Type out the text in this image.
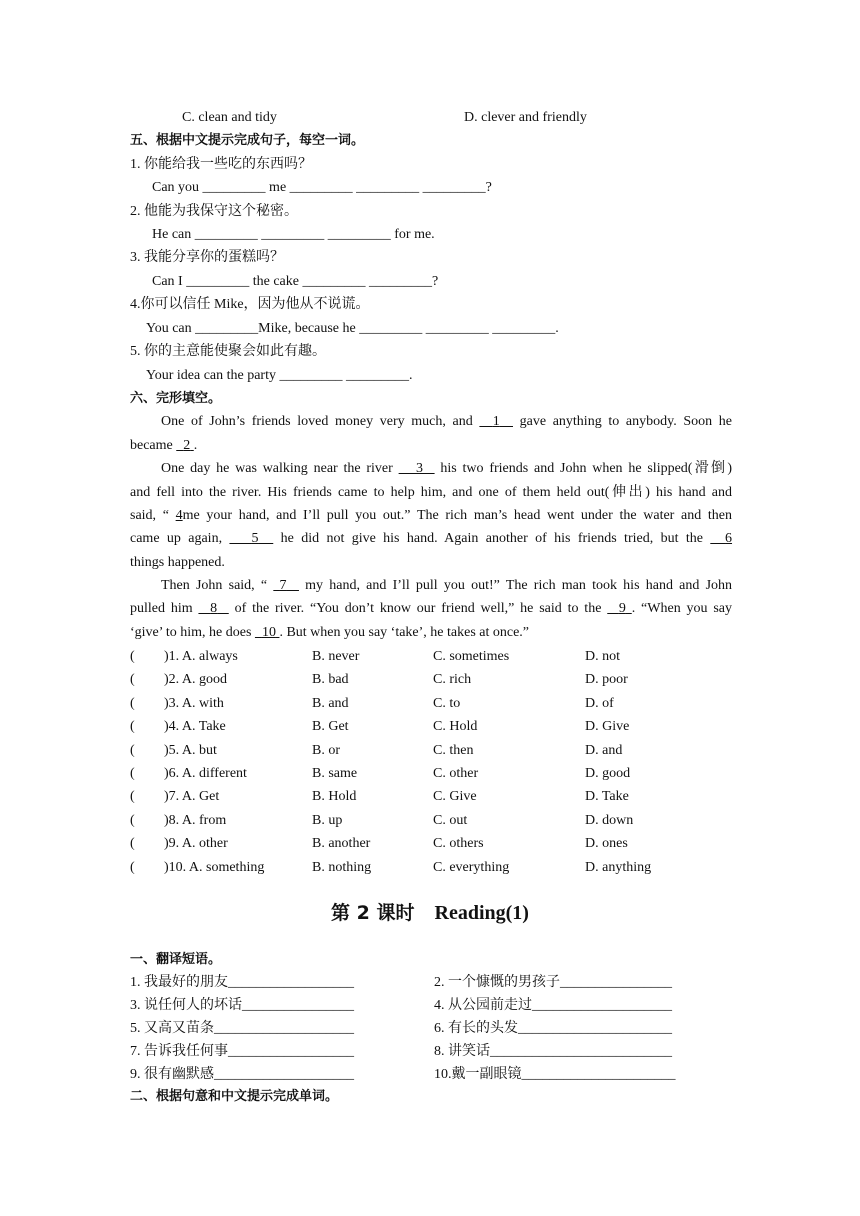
C. clean and tidy	D. clever and friendly
五、根据中文提示完成句子，每空一词。
1. 你能给我一些吃的东西吗？
Can you _________ me _________ _________ _________?
2. 他能为我保守这个秘密。
He can _________ _________ _________ for me.
3. 我能分享你的蛋糕吗？
Can I _________ the cake _________ _________?
4.你可以信任 Mike，因为他从不说谎。
You can _________Mike, because he _________ _________ _________.
5. 你的主意能使聚会如此有趣。
Your idea can the party _________ _________.
六、完形填空。
One of John’s friends loved money very much, and   1   gave anything to anybody. Soon he
became   2 .
One day he was walking near the river    3   his two friends and John when he slipped(滑倒)
and fell into the river. His friends came to help him, and one of them held out(伸出) his hand and
said, “ 4me your hand, and I’ll pull you out.” The rich man’s head went under the water and then
came up again,    5   he did not give his hand. Again another of his friends tried, but the   6
things happened.
Then John said, “  7   my hand, and I’ll pull you out!” The rich man took his hand and John
pulled him   8   of the river. “You don’t know our friend well,” he said to the   9 . “When you say
‘give’ to him, he does   10 . But when you say ‘take’, he takes at once.”
( )1. A. always	B. never	C. sometimes	D. not
( )2. A. good	B. bad	C. rich	D. poor
( )3. A. with	B. and	C. to	D. of
( )4. A. Take	B. Get	C. Hold	D. Give
( )5. A. but	B. or	C. then	D. and
( )6. A. different	B. same	C. other	D. good
( )7. A. Get	B. Hold	C. Give	D. Take
( )8. A. from	B. up	C. out	D. down
( )9. A. other	B. another	C. others	D. ones
( )10. A. something	B. nothing	C. everything	D. anything
第 2 课时 Reading(1)
一、翻译短语。
1. 我最好的朋友__________________	2. 一个慷慨的男孩子________________
3. 说任何人的坏话________________	4. 从公园前走过____________________
5. 又高又苗条____________________	6. 有长的头发______________________
7. 告诉我任何事__________________	8. 讲笑话__________________________
9. 很有幽默感____________________	10.戴一副眼镜______________________
二、根据句意和中文提示完成单词。
